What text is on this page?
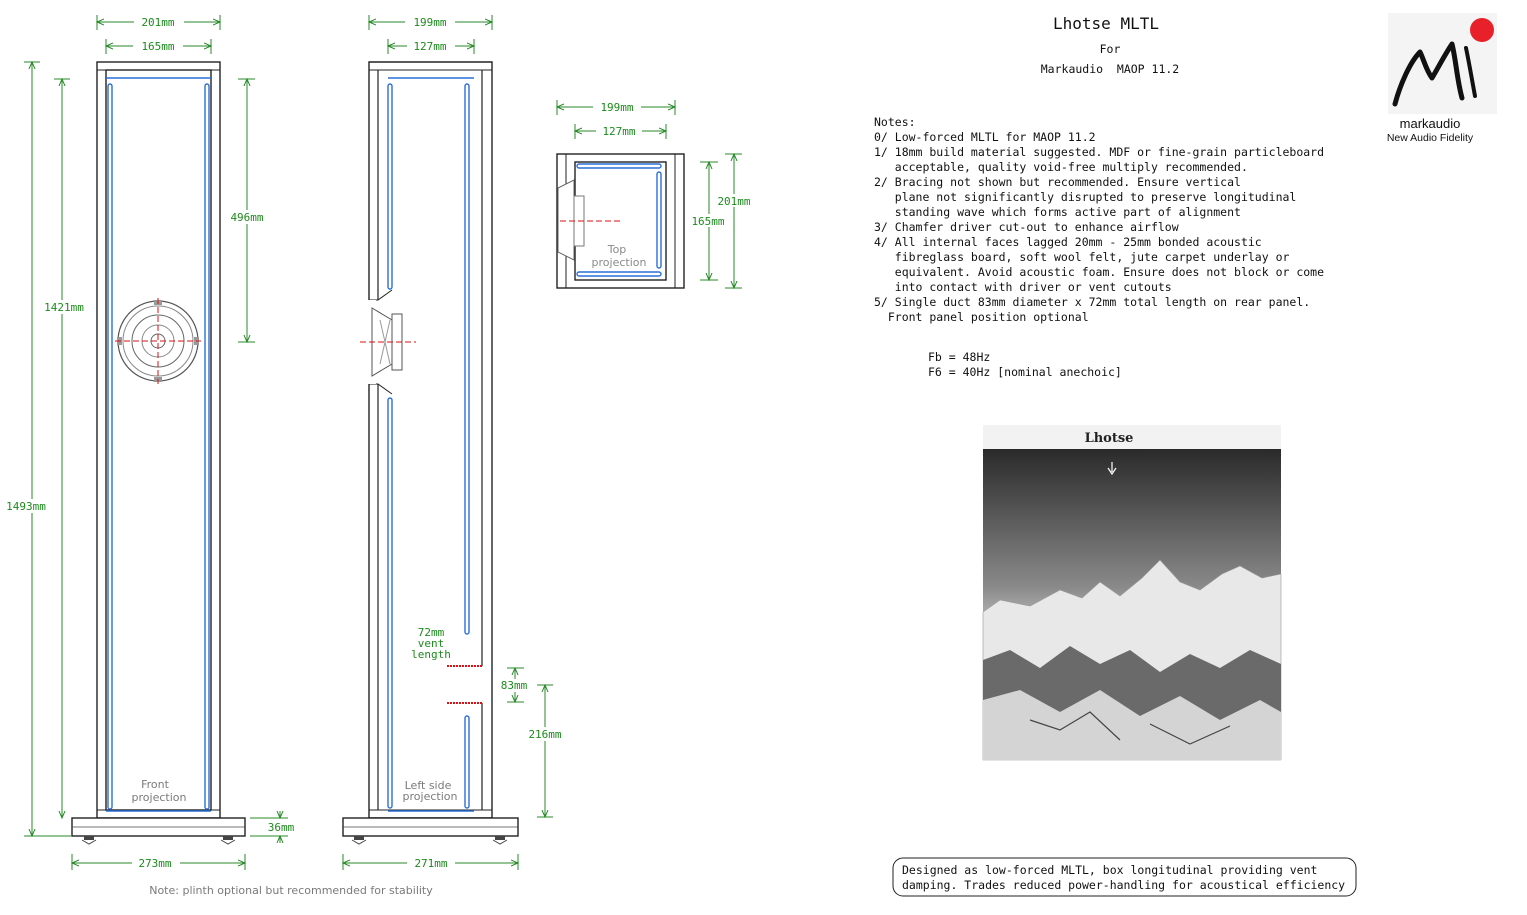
201mm
165mm
Front
projection
496mm
1421mm
1493mm
36mm
273mm
199mm
127mm
72mm
vent
length
Left side
projection
83mm
216mm
271mm
Note: plinth optional but recommended for stability
199mm
127mm
Top
projection
201mm
165mm
Lhotse MLTL
For
Markaudio  MAOP 11.2
markaudio
New Audio Fidelity
Notes:
0/ Low-forced MLTL for MAOP 11.2
1/ 18mm build material suggested. MDF or fine-grain particleboard
acceptable, quality void-free multiply recommended.
2/ Bracing not shown but recommended. Ensure vertical
plane not significantly disrupted to preserve longitudinal
standing wave which forms active part of alignment
3/ Chamfer driver cut-out to enhance airflow
4/ All internal faces lagged 20mm - 25mm bonded acoustic
fibreglass board, soft wool felt, jute carpet underlay or
equivalent. Avoid acoustic foam. Ensure does not block or come
into contact with driver or vent cutouts
5/ Single duct 83mm diameter x 72mm total length on rear panel.
Front panel position optional
Fb = 48Hz
F6 = 40Hz [nominal anechoic]
Lhotse
Designed as low-forced MLTL, box longitudinal providing vent
damping. Trades reduced power-handling for acoustical efficiency
